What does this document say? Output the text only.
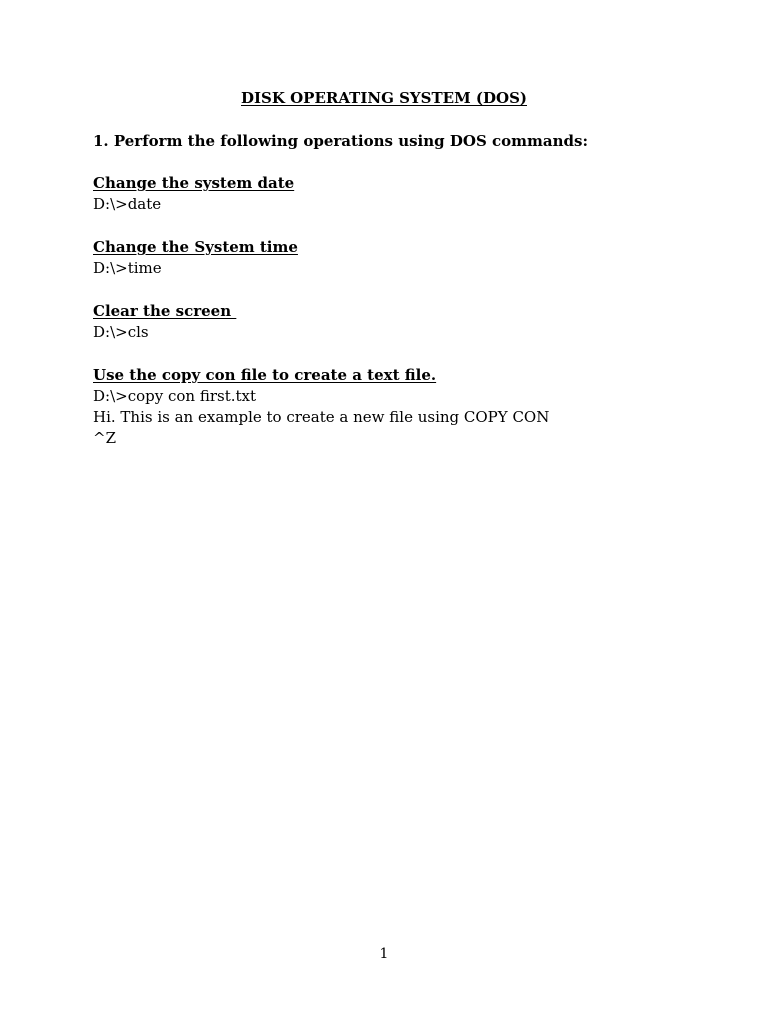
DISK OPERATING SYSTEM (DOS)
1. Perform the following operations using DOS commands:
Change the system date
D:\>date
Change the System time
D:\>time
Clear the screen
D:\>cls
Use the copy con file to create a text file.
D:\>copy con first.txt
Hi. This is an example to create a new file using COPY CON
^Z
1
